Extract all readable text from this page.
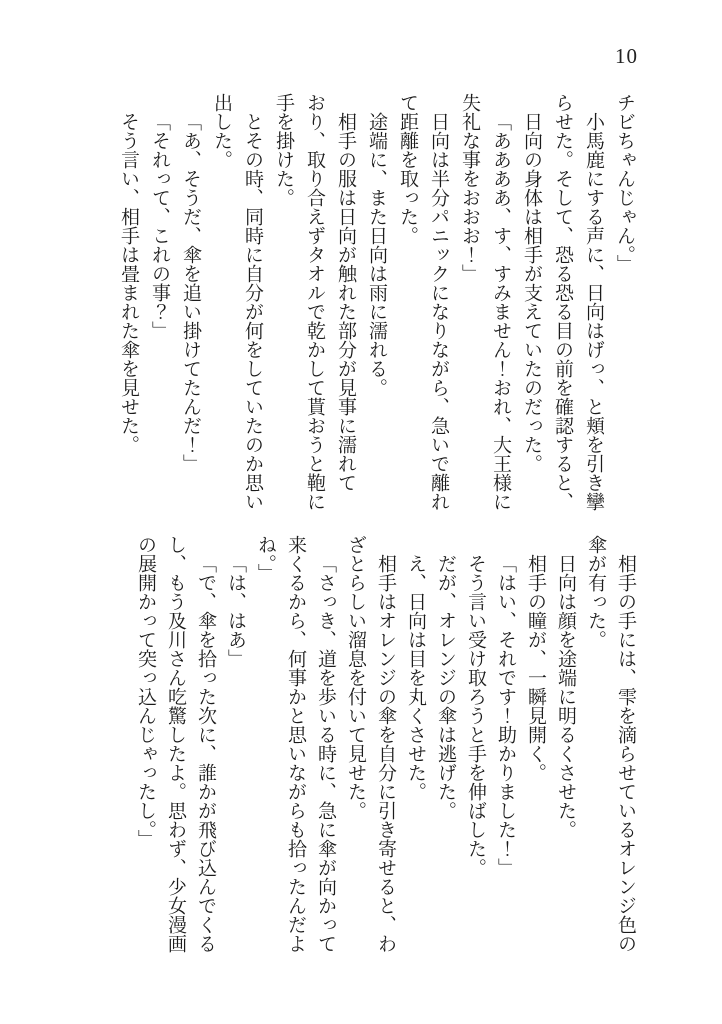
10

チビちゃんじゃん。」

小馬鹿にする声に、日向はげっ、と頬を引き攣

らせた。そして、恐る恐る目の前を確認すると、

日向の身体は相手が支えていたのだった。

「ああああ、す、すみません！おれ、大王様に

失礼な事をおおお！」

日向は半分パニックになりながら、急いで離れ

て距離を取った。

途端に、また日向は雨に濡れる。

相手の服は日向が触れた部分が見事に濡れて

おり、取り合えずタオルで乾かして貰おうと鞄に

手を掛けた。

とその時、同時に自分が何をしていたのか思い

出した。

「あ、そうだ、傘を追い掛けてたんだ！」

「それって、これの事？」

そう言い、相手は畳まれた傘を見せた。

相手の手には、雫を滴らせているオレンジ色の

傘が有った。

日向は顔を途端に明るくさせた。

相手の瞳が、一瞬見開く。

「はい、それです！助かりました！」

そう言い受け取ろうと手を伸ばした。

だが、オレンジの傘は逃げた。

え、日向は目を丸くさせた。

相手はオレンジの傘を自分に引き寄せると、わ

ざとらしい溜息を付いて見せた。

「さっき、道を歩いる時に、急に傘が向かって

来くるから、何事かと思いながらも拾ったんだよ

ね。」

「は、はあ」

「で、傘を拾った次に、誰かが飛び込んでくる

し、もう及川さん吃驚したよ。思わず、少女漫画

の展開かって突っ込んじゃったし。」
